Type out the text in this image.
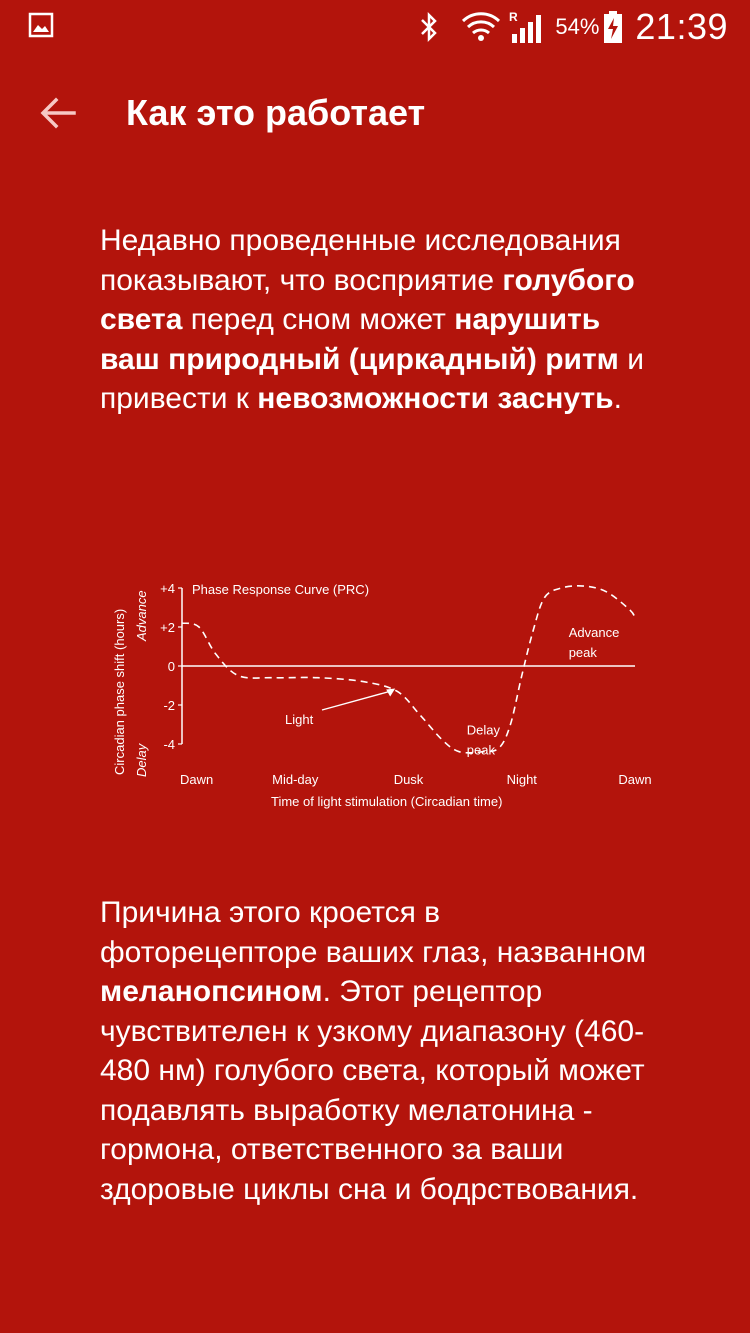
R 54% 21:39
Как это работает
Недавно проведенные исследования показывают, что восприятие голубого света перед сном может нарушить ваш природный (циркадный) ритм и привести к невозможности заснуть.
Phase Response Curve (PRC)
Circadian phase shift (hours) Advance
Delay
Time of light stimulation (Circadian time)
+4
+2
0
-2
-4
Dawn	Mid-day	Dusk	Night	Dawn
Light
Delay peak
Advance peak
Причина этого кроется в фоторецепторе ваших глаз, названном меланопсином. Этот рецептор чувствителен к узкому диапазону (460-480 нм) голубого света, который может подавлять выработку мелатонина - гормона, ответственного за ваши здоровые циклы сна и бодрствования.
